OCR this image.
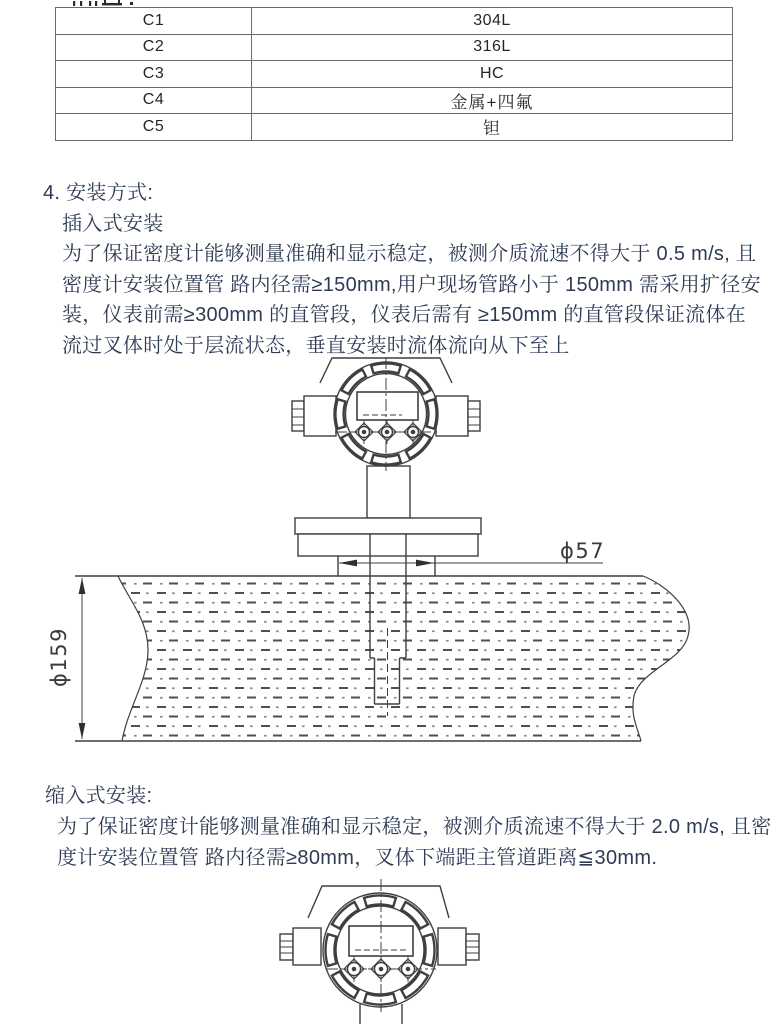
C1	304L
C2	316L
C3	HC
C4	金属+四氟
C5	钽
4. 安装方式:
插入式安装
为了保证密度计能够测量准确和显示稳定，被测介质流速不得大于 0.5 m/s, 且
密度计安装位置管 路内径需≥150mm,用户现场管路小于 150mm 需采用扩径安
装，仪表前需≥300mm 的直管段，仪表后需有 ≥150mm 的直管段保证流体在
流过叉体时处于层流状态，垂直安装时流体流向从下至上
ϕ57
ϕ159
缩入式安装:
为了保证密度计能够测量准确和显示稳定，被测介质流速不得大于 2.0 m/s, 且密
度计安装位置管 路内径需≥80mm，叉体下端距主管道距离≦30mm.
